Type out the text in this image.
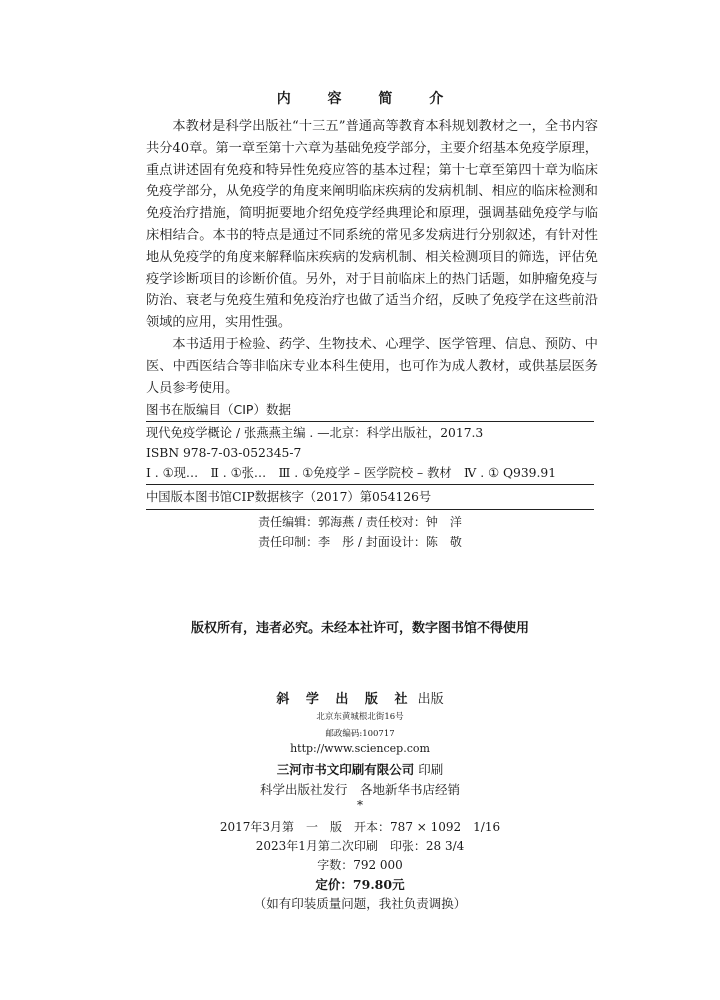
内 容 简 介

本教材是科学出版社“十三五”普通高等教育本科规划教材之一，全书内容共分40章。第一章至第十六章为基础免疫学部分，主要介绍基本免疫学原理，重点讲述固有免疫和特异性免疫应答的基本过程；第十七章至第四十章为临床免疫学部分，从免疫学的角度来阐明临床疾病的发病机制、相应的临床检测和免疫治疗措施，简明扼要地介绍免疫学经典理论和原理，强调基础免疫学与临床相结合。本书的特点是通过不同系统的常见多发病进行分别叙述，有针对性地从免疫学的角度来解释临床疾病的发病机制、相关检测项目的筛选，评估免疫学诊断项目的诊断价值。另外，对于目前临床上的热门话题，如肿瘤免疫与防治、衰老与免疫生殖和免疫治疗也做了适当介绍，反映了免疫学在这些前沿领域的应用，实用性强。

本书适用于检验、药学、生物技术、心理学、医学管理、信息、预防、中医、中西医结合等非临床专业本科生使用，也可作为成人教材，或供基层医务人员参考使用。

图书在版编目（CIP）数据
现代免疫学概论 / 张燕燕主编 . —北京：科学出版社，2017.3
ISBN 978-7-03-052345-7
Ⅰ . ①现…　Ⅱ . ①张…　Ⅲ . ①免疫学 – 医学院校 – 教材　Ⅳ . ① Q939.91
中国版本图书馆CIP数据核字（2017）第054126号
责任编辑：郭海燕 / 责任校对：钟　洋
责任印制：李　彤 / 封面设计：陈　敬
版权所有，违者必究。未经本社许可，数字图书馆不得使用
斜 学 出 版 社 出版
北京东黄城根北街16号
邮政编码:100717
http://www.sciencep.com
三河市书文印刷有限公司 印刷
科学出版社发行　各地新华书店经销
*
2017年3月第　一　版　开本：787 × 1092　1/16
2023年1月第二次印刷　印张：28 3/4
字数：792 000
定价：79.80元
（如有印装质量问题，我社负责调换）
